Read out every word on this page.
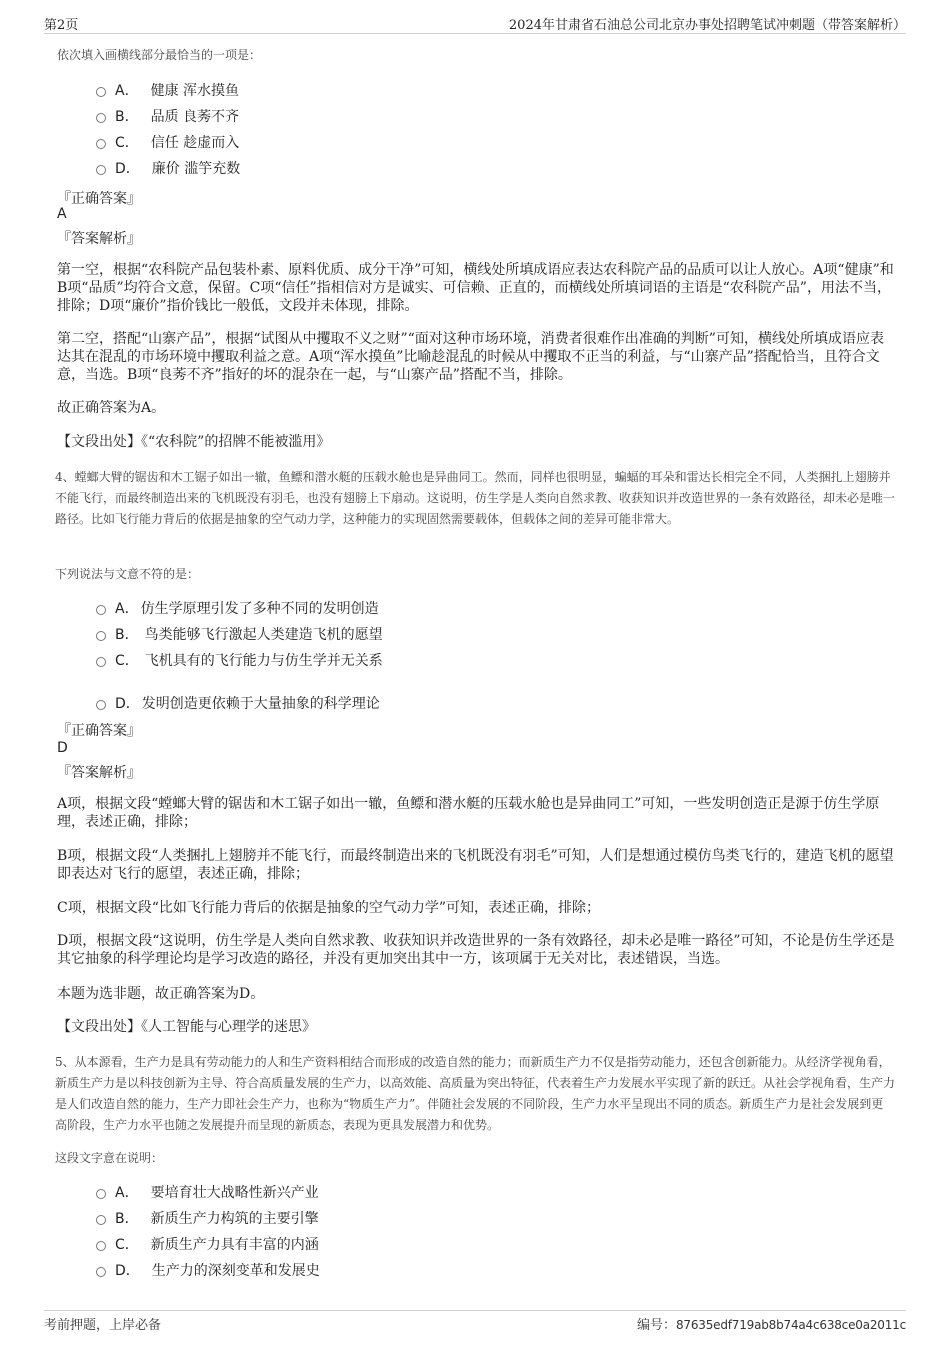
第2页	2024年甘肃省石油总公司北京办事处招聘笔试冲刺题（带答案解析）
依次填入画横线部分最恰当的一项是：
A． 健康 浑水摸鱼
B． 品质 良莠不齐
C． 信任 趁虚而入
D． 廉价 滥竽充数
『正确答案』
A
『答案解析』
第一空，根据“农科院产品包装朴素、原料优质、成分干净”可知，横线处所填成语应表达农科院产品的品质可以让人放心。A项“健康”和B项“品质”均符合文意，保留。C项“信任”指相信对方是诚实、可信赖、正直的，而横线处所填词语的主语是“农科院产品”，用法不当，排除；D项“廉价”指价钱比一般低，文段并未体现，排除。
第二空，搭配“山寨产品”，根据“试图从中攫取不义之财”“面对这种市场环境，消费者很难作出准确的判断”可知，横线处所填成语应表达其在混乱的市场环境中攫取利益之意。A项“浑水摸鱼”比喻趁混乱的时候从中攫取不正当的利益，与“山寨产品”搭配恰当，且符合文意，当选。B项“良莠不齐”指好的坏的混杂在一起，与“山寨产品”搭配不当，排除。
故正确答案为A。
【文段出处】《“农科院”的招牌不能被滥用》
4、螳螂大臂的锯齿和木工锯子如出一辙，鱼鳔和潜水艇的压载水舱也是异曲同工。然而，同样也很明显，蝙蝠的耳朵和雷达长相完全不同，人类捆扎上翅膀并不能飞行，而最终制造出来的飞机既没有羽毛，也没有翅膀上下扇动。这说明，仿生学是人类向自然求教、收获知识并改造世界的一条有效路径，却未必是唯一路径。比如飞行能力背后的依据是抽象的空气动力学，这种能力的实现固然需要载体，但载体之间的差异可能非常大。
下列说法与文意不符的是：
A． 仿生学原理引发了多种不同的发明创造
B． 鸟类能够飞行激起人类建造飞机的愿望
C． 飞机具有的飞行能力与仿生学并无关系
D． 发明创造更依赖于大量抽象的科学理论
『正确答案』
D
『答案解析』
A项，根据文段“螳螂大臂的锯齿和木工锯子如出一辙，鱼鳔和潜水艇的压载水舱也是异曲同工”可知，一些发明创造正是源于仿生学原理，表述正确，排除；
B项，根据文段“人类捆扎上翅膀并不能飞行，而最终制造出来的飞机既没有羽毛”可知，人们是想通过模仿鸟类飞行的，建造飞机的愿望即表达对飞行的愿望，表述正确，排除；
C项，根据文段“比如飞行能力背后的依据是抽象的空气动力学”可知，表述正确，排除；
D项，根据文段“这说明，仿生学是人类向自然求教、收获知识并改造世界的一条有效路径，却未必是唯一路径”可知，不论是仿生学还是其它抽象的科学理论均是学习改造的路径，并没有更加突出其中一方，该项属于无关对比，表述错误，当选。
本题为选非题，故正确答案为D。
【文段出处】《人工智能与心理学的迷思》
5、从本源看，生产力是具有劳动能力的人和生产资料相结合而形成的改造自然的能力；而新质生产力不仅是指劳动能力，还包含创新能力。从经济学视角看，新质生产力是以科技创新为主导、符合高质量发展的生产力，以高效能、高质量为突出特征，代表着生产力发展水平实现了新的跃迁。从社会学视角看，生产力是人们改造自然的能力，生产力即社会生产力，也称为“物质生产力”。伴随社会发展的不同阶段，生产力水平呈现出不同的质态。新质生产力是社会发展到更高阶段，生产力水平也随之发展提升而呈现的新质态，表现为更具发展潜力和优势。
这段文字意在说明：
A． 要培育壮大战略性新兴产业
B． 新质生产力构筑的主要引擎
C． 新质生产力具有丰富的内涵
D． 生产力的深刻变革和发展史
考前押题，上岸必备	编号：87635edf719ab8b74a4c638ce0a2011c
